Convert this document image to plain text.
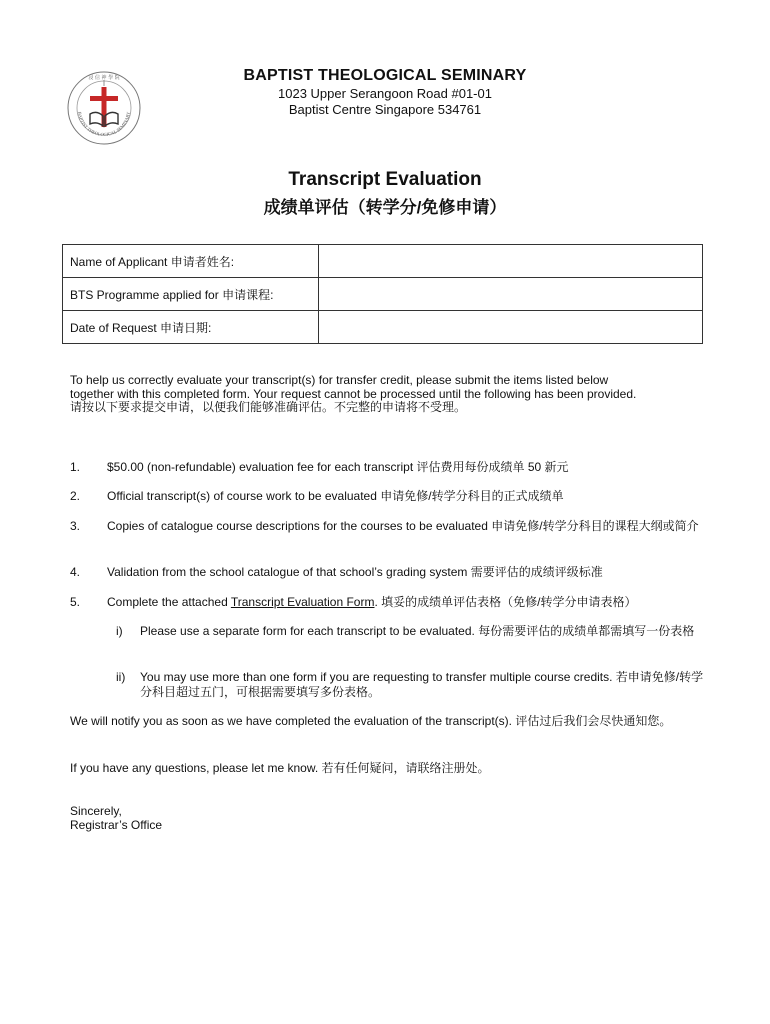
BAPTIST THEOLOGICAL SEMINARY
浸 信 神 學 院	BAPTIST THEOLOGICAL SEMINARY
1023 Upper Serangoon Road #01-01
Baptist Centre Singapore 534761
Transcript Evaluation
成绩单评估（转学分/免修申请）
Name of Applicant 申请者姓名:	
BTS Programme applied for 申请课程:	
Date of Request 申请日期:	
To help us correctly evaluate your transcript(s) for transfer credit, please submit the items listed below
together with this completed form. Your request cannot be processed until the following has been provided.
请按以下要求提交申请，以便我们能够准确评估。不完整的申请将不受理。
1. $50.00 (non-refundable) evaluation fee for each transcript 评估费用每份成绩单 50 新元
2. Official transcript(s) of course work to be evaluated 申请免修/转学分科目的正式成绩单
3. Copies of catalogue course descriptions for the courses to be evaluated 申请免修/转学分科目的课程大纲或简介
4. Validation from the school catalogue of that school’s grading system 需要评估的成绩评级标准
5. Complete the attached Transcript Evaluation Form. 填妥的成绩单评估表格（免修/转学分申请表格）
i) Please use a separate form for each transcript to be evaluated. 每份需要评估的成绩单都需填写一份表格
ii) You may use more than one form if you are requesting to transfer multiple course credits. 若申请免修/转学分科目超过五门，可根据需要填写多份表格。
We will notify you as soon as we have completed the evaluation of the transcript(s). 评估过后我们会尽快通知您。
If you have any questions, please let me know. 若有任何疑问，请联络注册处。
Sincerely,
Registrar’s Office
